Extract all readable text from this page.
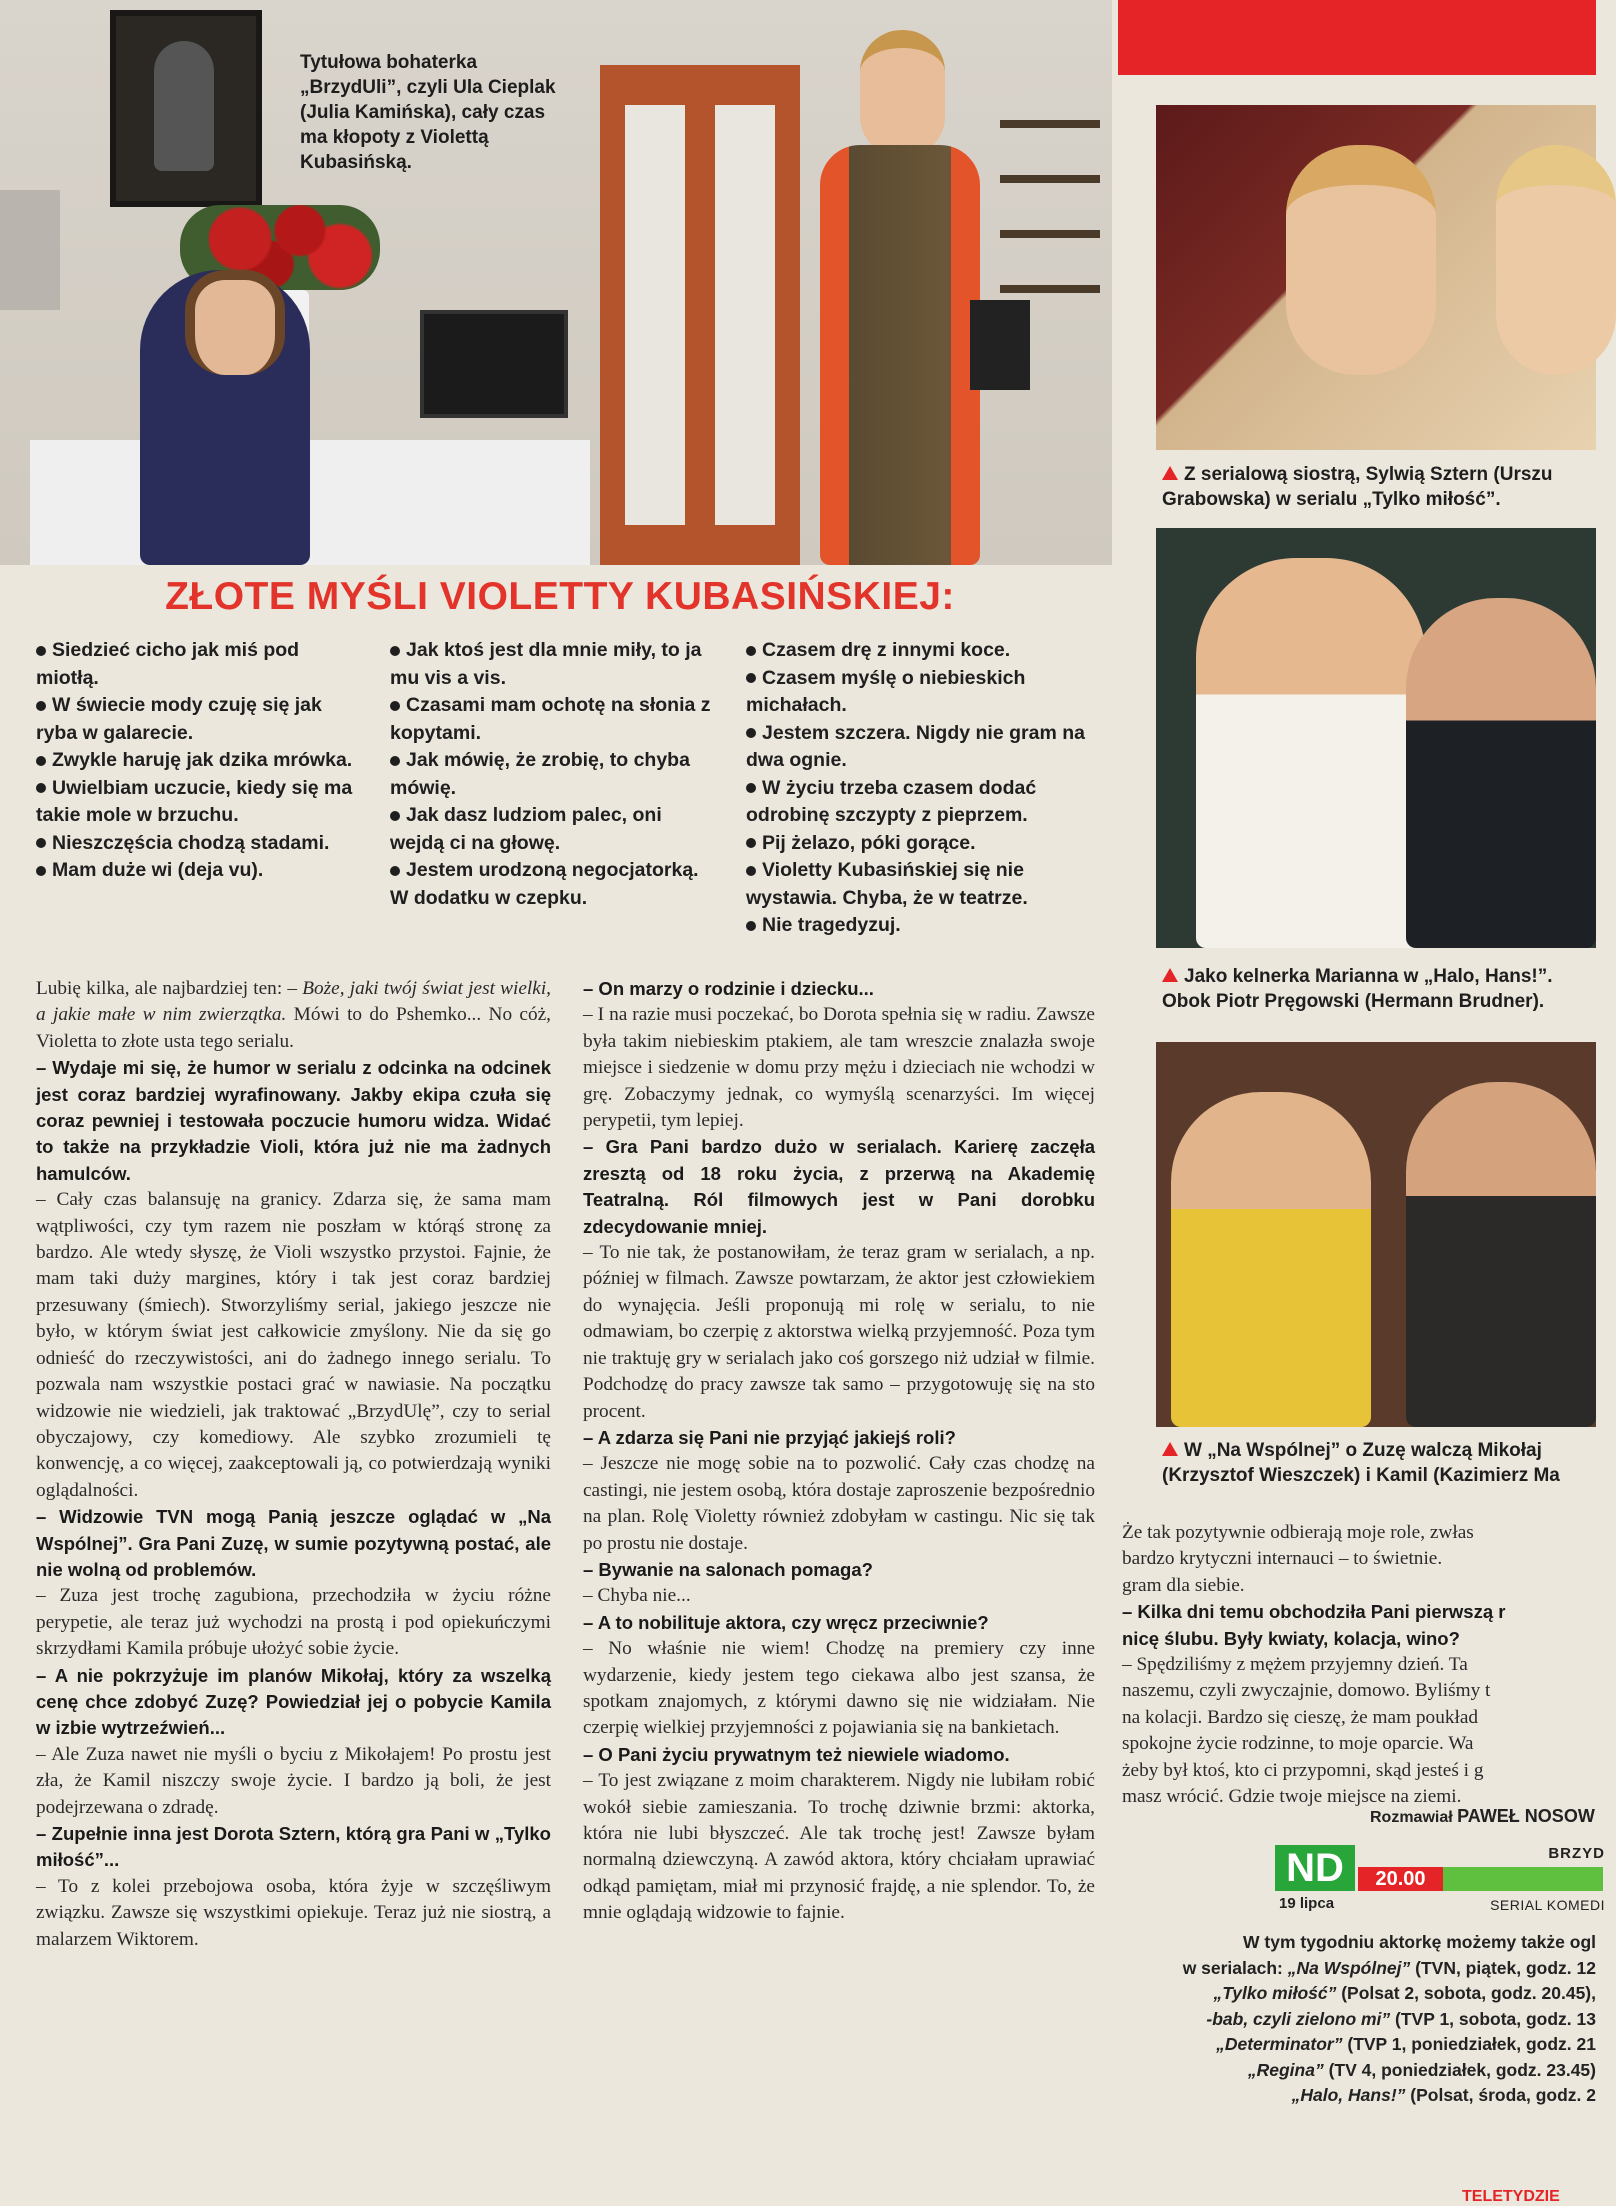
Tytułowa bohaterka „BrzydUli”, czyli Ula Cieplak (Julia Kamińska), cały czas ma kłopoty z Violettą Kubasińską.
ZŁOTE MYŚLI VIOLETTY KUBASIŃSKIEJ:
Siedzieć cicho jak miś pod miotłą.
W świecie mody czuję się jak ryba w galarecie.
Zwykle haruję jak dzika mrówka.
Uwielbiam uczucie, kiedy się ma takie mole w brzuchu.
Nieszczęścia chodzą stadami.
Mam duże wi (deja vu).
Jak ktoś jest dla mnie miły, to ja mu vis a vis.
Czasami mam ochotę na słonia z kopytami.
Jak mówię, że zrobię, to chyba mówię.
Jak dasz ludziom palec, oni wejdą ci na głowę.
Jestem urodzoną negocjatorką. W dodatku w czepku.
Czasem drę z innymi koce.
Czasem myślę o niebieskich michałach.
Jestem szczera. Nigdy nie gram na dwa ognie.
W życiu trzeba czasem dodać odrobinę szczypty z pieprzem.
Pij żelazo, póki gorące.
Violetty Kubasińskiej się nie wystawia. Chyba, że w teatrze.
Nie tragedyzuj.

Lubię kilka, ale najbardziej ten: – Boże, jaki twój świat jest wielki, a jakie małe w nim zwierzątka. Mówi to do Pshemko... No cóż, Violetta to złote usta tego serialu.

– Wydaje mi się, że humor w serialu z odcinka na odcinek jest coraz bardziej wyrafinowany. Jakby ekipa czuła się coraz pewniej i testowała poczucie humoru widza. Widać to także na przykładzie Violi, która już nie ma żadnych hamulców.

– Cały czas balansuję na granicy. Zdarza się, że sama mam wątpliwości, czy tym razem nie poszłam w którąś stronę za bardzo. Ale wtedy słyszę, że Violi wszystko przystoi. Fajnie, że mam taki duży margines, który i tak jest coraz bardziej przesuwany (śmiech). Stworzyliśmy serial, jakiego jeszcze nie było, w którym świat jest całkowicie zmyślony. Nie da się go odnieść do rzeczywistości, ani do żadnego innego serialu. To pozwala nam wszystkie postaci grać w nawiasie. Na początku widzowie nie wiedzieli, jak traktować „BrzydUlę”, czy to serial obyczajowy, czy komediowy. Ale szybko zrozumieli tę konwencję, a co więcej, zaakceptowali ją, co potwierdzają wyniki oglądalności.

– Widzowie TVN mogą Panią jeszcze oglądać w „Na Wspólnej”. Gra Pani Zuzę, w sumie pozytywną postać, ale nie wolną od problemów.

– Zuza jest trochę zagubiona, przechodziła w życiu różne perypetie, ale teraz już wychodzi na prostą i pod opiekuńczymi skrzydłami Kamila próbuje ułożyć sobie życie.

– A nie pokrzyżuje im planów Mikołaj, który za wszelką cenę chce zdobyć Zuzę? Powiedział jej o pobycie Kamila w izbie wytrzeźwień...

– Ale Zuza nawet nie myśli o byciu z Mikołajem! Po prostu jest zła, że Kamil niszczy swoje życie. I bardzo ją boli, że jest podejrzewana o zdradę.

– Zupełnie inna jest Dorota Sztern, którą gra Pani w „Tylko miłość”...

– To z kolei przebojowa osoba, która żyje w szczęśliwym związku. Zawsze się wszystkimi opiekuje. Teraz już nie siostrą, a malarzem Wiktorem.

– On marzy o rodzinie i dziecku...

– I na razie musi poczekać, bo Dorota spełnia się w radiu. Zawsze była takim niebieskim ptakiem, ale tam wreszcie znalazła swoje miejsce i siedzenie w domu przy mężu i dzieciach nie wchodzi w grę. Zobaczymy jednak, co wymyślą scenarzyści. Im więcej perypetii, tym lepiej.

– Gra Pani bardzo dużo w serialach. Karierę zaczęła zresztą od 18 roku życia, z przerwą na Akademię Teatralną. Ról filmowych jest w Pani dorobku zdecydowanie mniej.

– To nie tak, że postanowiłam, że teraz gram w serialach, a np. później w filmach. Zawsze powtarzam, że aktor jest człowiekiem do wynajęcia. Jeśli proponują mi rolę w serialu, to nie odmawiam, bo czerpię z aktorstwa wielką przyjemność. Poza tym nie traktuję gry w serialach jako coś gorszego niż udział w filmie. Podchodzę do pracy zawsze tak samo – przygotowuję się na sto procent.

– A zdarza się Pani nie przyjąć jakiejś roli?

– Jeszcze nie mogę sobie na to pozwolić. Cały czas chodzę na castingi, nie jestem osobą, która dostaje zaproszenie bezpośrednio na plan. Rolę Violetty również zdobyłam w castingu. Nic się tak po prostu nie dostaje.

– Bywanie na salonach pomaga?

– Chyba nie...

– A to nobilituje aktora, czy wręcz przeciwnie?

– No właśnie nie wiem! Chodzę na premiery czy inne wydarzenie, kiedy jestem tego ciekawa albo jest szansa, że spotkam znajomych, z którymi dawno się nie widziałam. Nie czerpię wielkiej przyjemności z pojawiania się na bankietach.

– O Pani życiu prywatnym też niewiele wiadomo.

– To jest związane z moim charakterem. Nigdy nie lubiłam robić wokół siebie zamieszania. To trochę dziwnie brzmi: aktorka, która nie lubi błyszczeć. Ale tak trochę jest! Zawsze byłam normalną dziewczyną. A zawód aktora, który chciałam uprawiać odkąd pamiętam, miał mi przynosić frajdę, a nie splendor. To, że mnie oglądają widzowie to fajnie.

Z serialową siostrą, Sylwią Sztern (Urszu
Grabowska) w serialu „Tylko miłość”.
Jako kelnerka Marianna w „Halo, Hans!”.
Obok Piotr Pręgowski (Hermann Brudner).
W „Na Wspólnej” o Zuzę walczą Mikołaj
(Krzysztof Wieszczek) i Kamil (Kazimierz Ma

Że tak pozytywnie odbierają moje role, zwłas

bardzo krytyczni internauci – to świetnie.

gram dla siebie.

– Kilka dni temu obchodziła Pani pierwszą r

nicę ślubu. Były kwiaty, kolacja, wino?

– Spędziliśmy z mężem przyjemny dzień. Ta

naszemu, czyli zwyczajnie, domowo. Byliśmy t

na kolacji. Bardzo się cieszę, że mam poukład

spokojne życie rodzinne, to moje oparcie. Wa

żeby był ktoś, kto ci przypomni, skąd jesteś i g

masz wrócić. Gdzie twoje miejsce na ziemi.

Rozmawiał PAWEŁ NOSOW
ND	BRZYD
20.00
19 lipca	SERIAL KOMEDI
W tym tygodniu aktorkę możemy także ogl
w serialach: „Na Wspólnej” (TVN, piątek, godz. 12
„Tylko miłość” (Polsat 2, sobota, godz. 20.45),
-bab, czyli zielono mi” (TVP 1, sobota, godz. 13
„Determinator” (TVP 1, poniedziałek, godz. 21
„Regina” (TV 4, poniedziałek, godz. 23.45)
„Halo, Hans!” (Polsat, środa, godz. 2
TELETYDZIE
